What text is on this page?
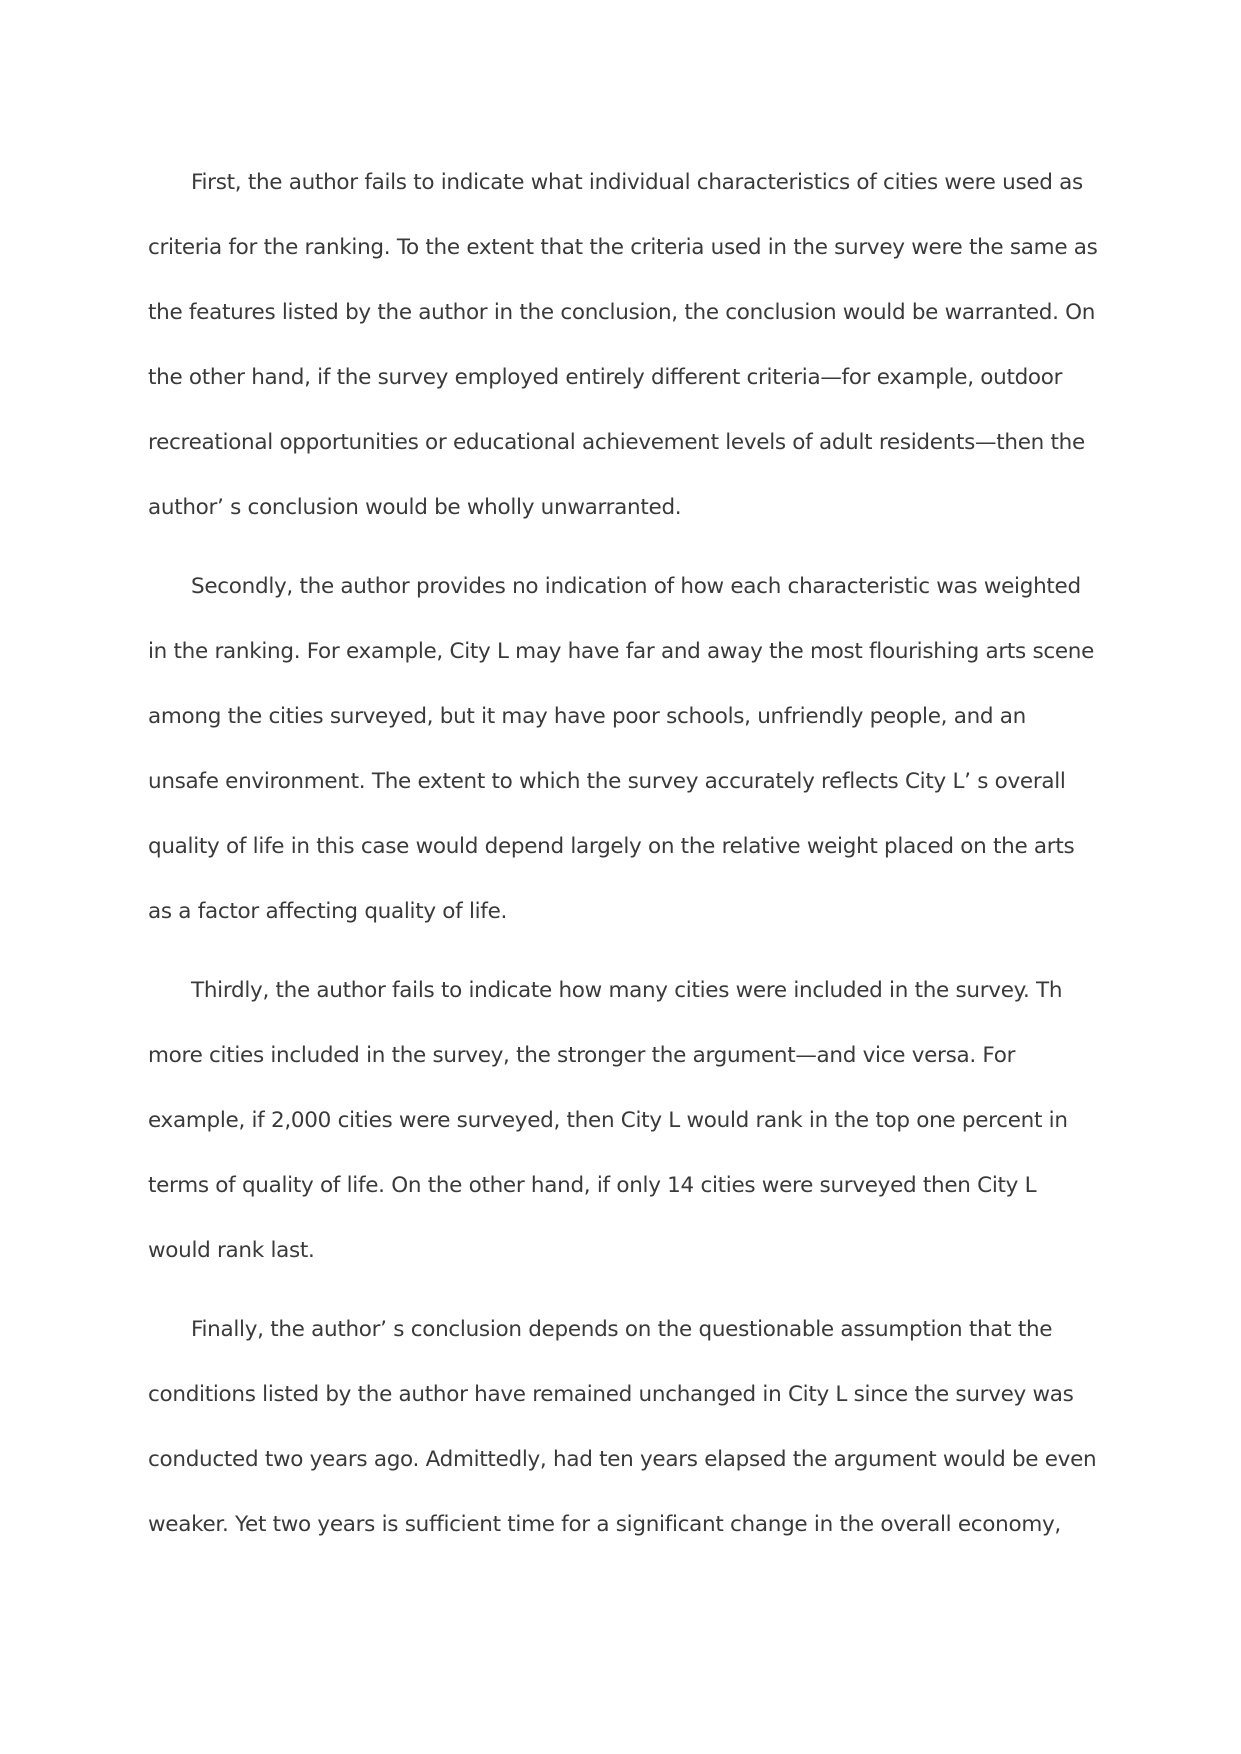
First, the author fails to indicate what individual characteristics of cities were used as
criteria for the ranking. To the extent that the criteria used in the survey were the same as
the features listed by the author in the conclusion, the conclusion would be warranted. On
the other hand, if the survey employed entirely different criteria—for example, outdoor
recreational opportunities or educational achievement levels of adult residents—then the
author’ s conclusion would be wholly unwarranted.
Secondly, the author provides no indication of how each characteristic was weighted
in the ranking. For example, City L may have far and away the most flourishing arts scene
among the cities surveyed, but it may have poor schools, unfriendly people, and an
unsafe environment. The extent to which the survey accurately reflects City L’ s overall
quality of life in this case would depend largely on the relative weight placed on the arts
as a factor affecting quality of life.
Thirdly, the author fails to indicate how many cities were included in the survey. Th
more cities included in the survey, the stronger the argument—and vice versa. For
example, if 2,000 cities were surveyed, then City L would rank in the top one percent in
terms of quality of life. On the other hand, if only 14 cities were surveyed then City L
would rank last.
Finally, the author’ s conclusion depends on the questionable assumption that the
conditions listed by the author have remained unchanged in City L since the survey was
conducted two years ago. Admittedly, had ten years elapsed the argument would be even
weaker. Yet two years is sufficient time for a significant change in the overall economy,
